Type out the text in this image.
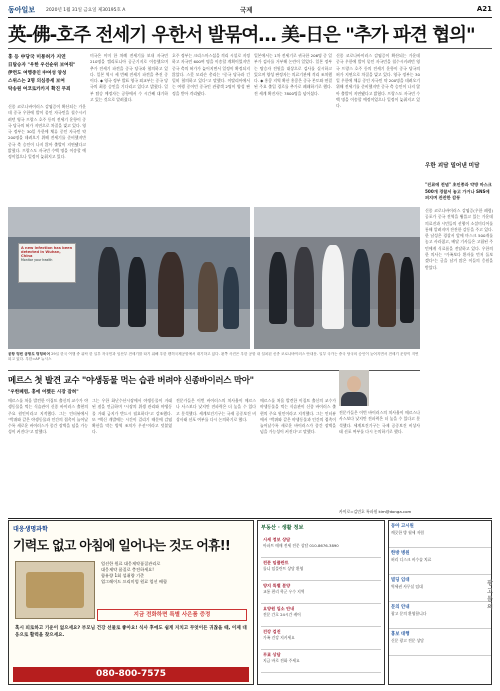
동아일보 2020년 1월 31일 금요일 제30195호 A	국제	A21
英-佛-호주 전세기 우한서 발묶여… 美-日은 "추가 파견 협의"
홍 등 中당국 미통허가 지연
日탑승자 "우한 우선순위 보여줘"
伊련도 여행중인 中여성 양성
스위스는 2명 의심증세 보여
탁송원 여코로카카지 확진 무죄
신종 코로나바이러스 감염증이 확산되는 가운데 중국 우한에 발이 묶인 자국민을 철수시키려던 영국 프랑스 호주 등의 전세기 운항이 중국 당국의 허가 지연으로 차질을 빚고 있다. 영국 정부는 30일 우한에 체류 중인 자국민 약 200명을 데려오기 위해 전세기를 준비했지만 중국 측 승인이 나지 않아 출발이 지연됐다고 밝혔다. 프랑스도 자국민 수백 명을 이송할 예정이었으나 일정이 늦춰지고 있다.
미국은 이미 한 차례 전세기를 보내 자국민 210명을 캘리포니아 공군기지로 이송했으며 추가 전세기 파견을 중국 당국과 협의하고 있다. 일본 역시 세 번째 전세기 파견을 추진 중이다. ◆ 영국 정부 발표 영국 외교부는 중국 당국의 최종 승인을 기다리고 있다고 밝혔다. 일부 탑승 예정자는 공항에서 수 시간째 대기하고 있는 것으로 알려졌다.
호주 정부는 크리스마스섬을 격리 시설로 지정하고 자국민 600여 명을 이송할 계획이었지만 중국 측의 허가가 늦어지면서 일정이 확정되지 않았다. 스콧 모리슨 총리는 "중국 당국과 긴밀히 협의하고 있다"고 말했다. 이탈리아에서는 여행 중이던 중국인 관광객 2명이 양성 판정을 받아 격리됐다.
일본에서는 1차 전세기로 귀국한 206명 중 일부가 검사를 거부해 논란이 일었다. 일본 정부는 탑승자 전원을 대상으로 검사를 실시하고 있으며 양성 판정자는 의료기관에 격리 조치했다. ◆ 홍콩 지역 확산 홍콩은 중국 본토와 연결된 주요 출입 경로를 추가로 폐쇄하기로 했다. 전 세계 확진자는 7800명을 넘어섰다.
신종 코로나바이러스 감염증이 확산되는 가운데 중국 우한에 발이 묶인 자국민을 철수시키려던 영국 프랑스 호주 등의 전세기 운항이 중국 당국의 허가 지연으로 차질을 빚고 있다. 영국 정부는 30일 우한에 체류 중인 자국민 약 200명을 데려오기 위해 전세기를 준비했지만 중국 측 승인이 나지 않아 출발이 지연됐다고 밝혔다. 프랑스도 자국민 수백 명을 이송할 예정이었으나 일정이 늦춰지고 있다.
A new infection has been detected in Wuhan, China
Monitor your health
공항 텅빈 공항도 텅텅비어 29일 한국 여행 중 위탁 한 일부 자국민과 임산부 전세기를 타기 위해 우한 톈허국제공항에서 대기하고 있다. 왼쪽 사진은 우한 공항 내 설치된 신종 코로나바이러스 안내문. 일부 국가는 중국 당국의 승인이 늦어지면서 전세기 운항이 지연되고 있다. 우한=AP 뉴시스
메르스 첫 발견 교수 "야생동물 먹는 습관 버려야 신종바이러스 막아"
"우한폐렴, 홍에 어쨌든 시장 잡혀"
메르스를 처음 발견한 이집트 출신의 교수가 야생동물을 먹는 식습관이 신종 바이러스 출현의 주요 원인이라고 지적했다. 그는 인터뷰에서 "박쥐와 같은 야생동물과 인간의 접촉이 늘어날수록 새로운 바이러스가 종간 장벽을 넘을 가능성이 커진다"고 말했다.
그는 우한 화난수산시장에서 야생동물이 거래된 점을 언급하며 "시장의 위생 관리와 야생동물 거래 금지가 반드시 필요하다"고 강조했다. 또 "백신 개발에는 시간이 걸리기 때문에 감염 확산을 막는 방역 조치가 우선"이라고 덧붙였다.
전문가들은 이번 바이러스의 치사율이 메르스나 사스보다 낮지만 전파력은 더 높을 수 있다고 분석했다. 세계보건기구는 국제 공중보건 비상사태 선포 여부를 다시 논의하기로 했다.
메르스를 처음 발견한 이집트 출신의 교수가 야생동물을 먹는 식습관이 신종 바이러스 출현의 주요 원인이라고 지적했다. 그는 인터뷰에서 "박쥐와 같은 야생동물과 인간의 접촉이 늘어날수록 새로운 바이러스가 종간 장벽을 넘을 가능성이 커진다"고 말했다.
전문가들은 이번 바이러스의 치사율이 메르스나 사스보다 낮지만 전파력은 더 높을 수 있다고 분석했다. 세계보건기구는 국제 공중보건 비상사태 선포 여부를 다시 논의하기로 했다.
카이로=김민호 특파원 kim@donga.com
우한 괴담 밀어낸 미담
"진료에 전념" 초인종과 약방 마스크 500개 경찰서 놓고 가거나 SNS에 퍼지며 잔잔한 감동
신종 코로나바이러스 감염증(우한 폐렴) 공포가 중국 전역을 휩쓸고 있는 가운데 의료진과 시민들의 선행이 소셜미디어를 통해 알려지며 잔잔한 감동을 주고 있다. 한 남성은 경찰서 앞에 마스크 500개를 놓고 사라졌고, 배달 기사들은 고립된 주민에게 식료품을 전달하고 있다. 우한의 한 의사는 "가족보다 환자를 먼저 돌보겠다"는 글을 남겨 많은 이들의 응원을 받았다.
대웅생명과학
기력도 없고 아침에 일어나는 것도 어휴!!
엄선한 원료 대웅제약품질관리로
대웅제약 품질로 충전하세요!
함유량 1회 섭취량 기준
업그레이드 프리미엄 원료 엄선 배합
지금 전화하면 특별 사은품 증정
혹시 피로하고 기운이 없으세요? 부모님 건강 선물로 좋아요! 식사 후에도 쉽게 지치고 무엇이든 귀찮을 때, 이제 대웅으로 활력을 찾으세요.
080-800-7575
부동산 · 생활 정보
시세 정보 상담
아파트 매매 전세 전문 상담 010-8676-3890
전문 임플란트
틀니 임플란트 상담 환영
양지 특별 분양
교통 편리 학군 우수 지역
요양원 입소 안내
전문 간호 24시간 케어
건강 검진
가족 건강 지키세요
무료 상담
지금 바로 전화 주세요
동아 고시원
깨끗한 방 월세 저렴
한방 병원
허리 디스크 비수술 치료
빌딩 임대
역세권 사무실 임대
문의 안내
광고 문의 환영합니다
홍보 대행
신문 광고 전문 상담
광고문의
